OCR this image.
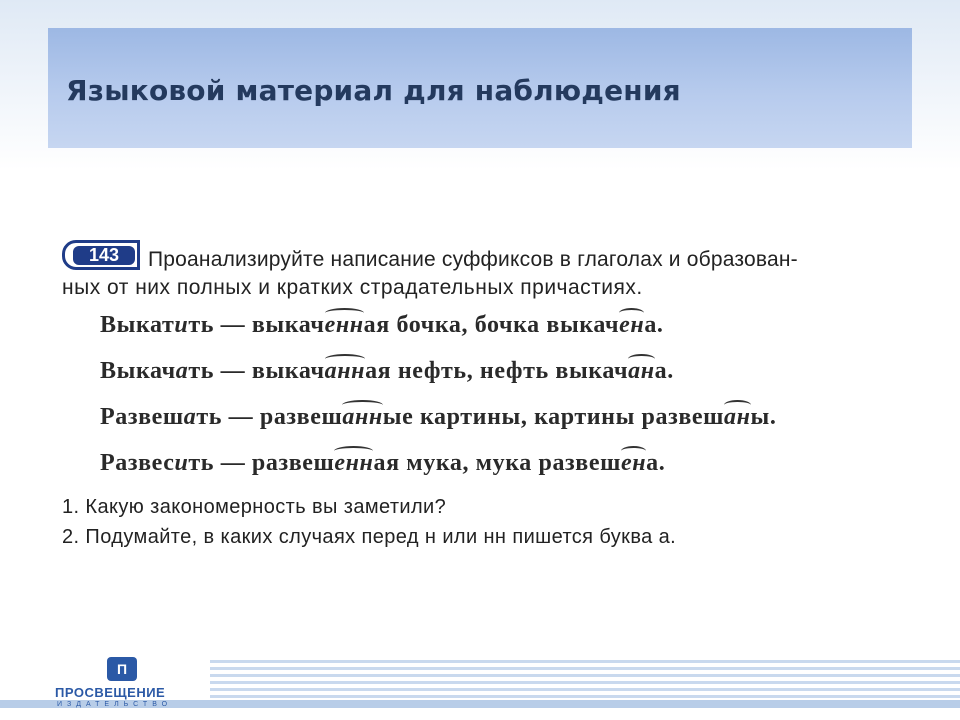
Языковой материал для наблюдения
143	Проанализируйте написание суффиксов в глаголах и образован-
ных от них полных и кратких страдательных причастиях.
Выкатить — выкаченная бочка, бочка выкачена.
Выкачать — выкачанная нефть, нефть выкачана.
Развешать — развешанные картины, картины развешаны.
Развесить — развешенная мука, мука развешена.
1. Какую закономерность вы заметили?
2. Подумайте, в каких случаях перед н или нн пишется буква а.
П
ПРОСВЕЩЕНИЕ
ИЗДАТЕЛЬСТВО
